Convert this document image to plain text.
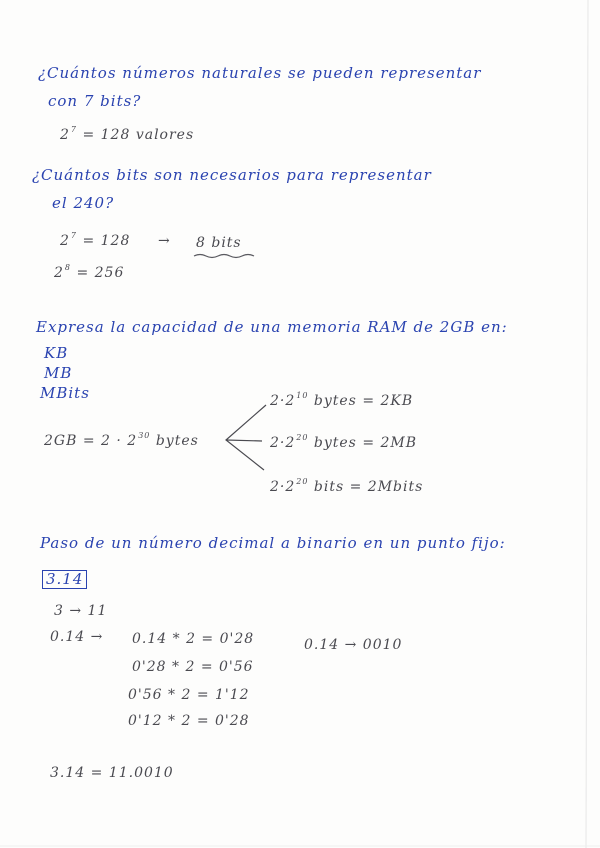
¿Cuántos números naturales se pueden representar
con 7 bits?
$2^7 = 128$ valores
¿Cuántos bits son necesarios para representar
el 240?
$2^7 = 128 \to 8$ bits
$2^8 = 256$
Expresa la capacidad de una memoria RAM de 2GB en:
KB
MB
MBits
$2GB = 2 \cdot 2^{30}$ bytes
$2\cdot 2^{10}$ bytes = 2KB
$2\cdot 2^{20}$ bytes = 2MB
$2\cdot 2^{20}$ bits = 2Mbits
Paso de un número decimal a binario en un punto fijo:
3.14
3 → 11
0.14 → 0.14 * 2 = 0'28
0'28 * 2 = 0'56
0'56 * 2 = 1'12
0'12 * 2 = 0'28
0.14 → 0010
3.14 = 11.0010
